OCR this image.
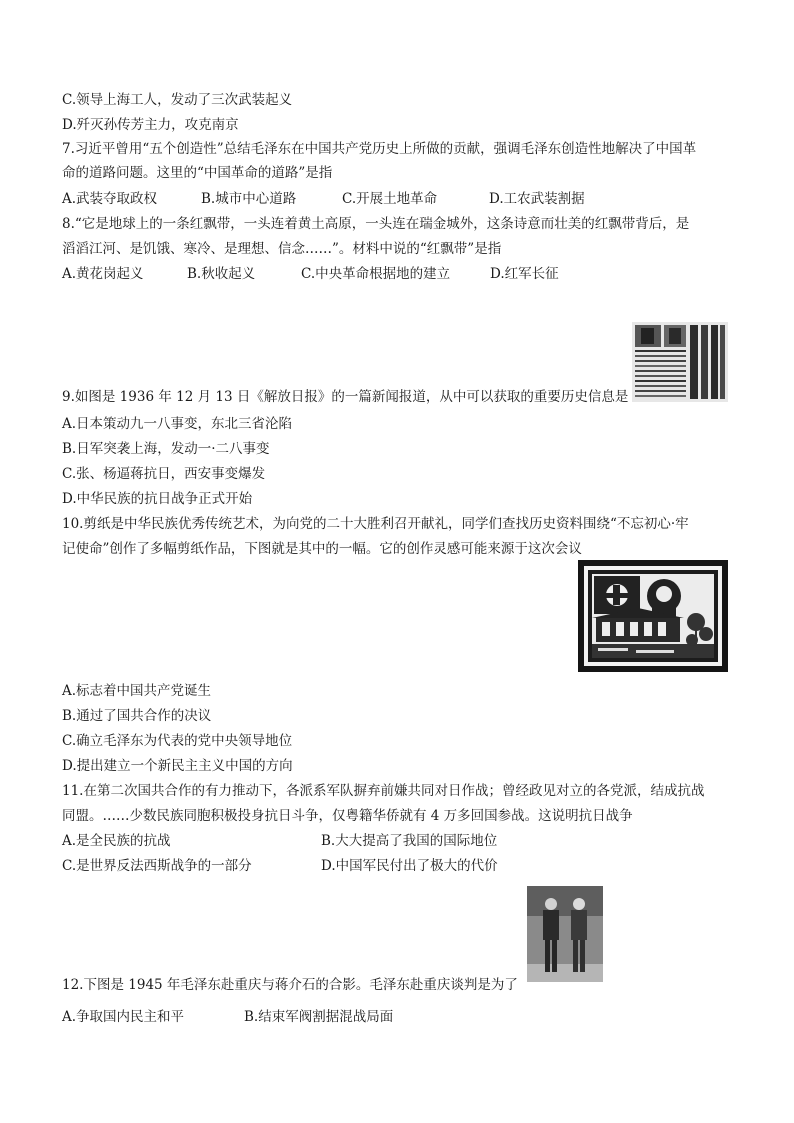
C.领导上海工人，发动了三次武装起义
D.歼灭孙传芳主力，攻克南京
7.习近平曾用“五个创造性”总结毛泽东在中国共产党历史上所做的贡献，强调毛泽东创造性地解决了中国革
命的道路问题。这里的“中国革命的道路”是指
A.武装夺取政权	B.城市中心道路	C.开展土地革命	D.工农武装割据
8.“它是地球上的一条红飘带，一头连着黄土高原，一头连在瑞金城外，这条诗意而壮美的红飘带背后，是
滔滔江河、是饥饿、寒冷、是理想、信念……”。材料中说的“红飘带”是指
A.黄花岗起义	B.秋收起义	C.中央革命根据地的建立	D.红军长征
9.如图是 1936 年 12 月 13 日《解放日报》的一篇新闻报道，从中可以获取的重要历史信息是
A.日本策动九一八事变，东北三省沦陷
B.日军突袭上海，发动一·二八事变
C.张、杨逼蒋抗日，西安事变爆发
D.中华民族的抗日战争正式开始
10.剪纸是中华民族优秀传统艺术，为向党的二十大胜利召开献礼，同学们查找历史资料围绕“不忘初心·牢
记使命”创作了多幅剪纸作品，下图就是其中的一幅。它的创作灵感可能来源于这次会议
A.标志着中国共产党诞生
B.通过了国共合作的决议
C.确立毛泽东为代表的党中央领导地位
D.提出建立一个新民主主义中国的方向
11.在第二次国共合作的有力推动下，各派系军队摒弃前嫌共同对日作战；曾经政见对立的各党派，结成抗战
同盟。……少数民族同胞积极投身抗日斗争，仅粤籍华侨就有 4 万多回国参战。这说明抗日战争
A.是全民族的抗战	B.大大提高了我国的国际地位
C.是世界反法西斯战争的一部分	D.中国军民付出了极大的代价
12.下图是 1945 年毛泽东赴重庆与蒋介石的合影。毛泽东赴重庆谈判是为了
A.争取国内民主和平	B.结束军阀割据混战局面
